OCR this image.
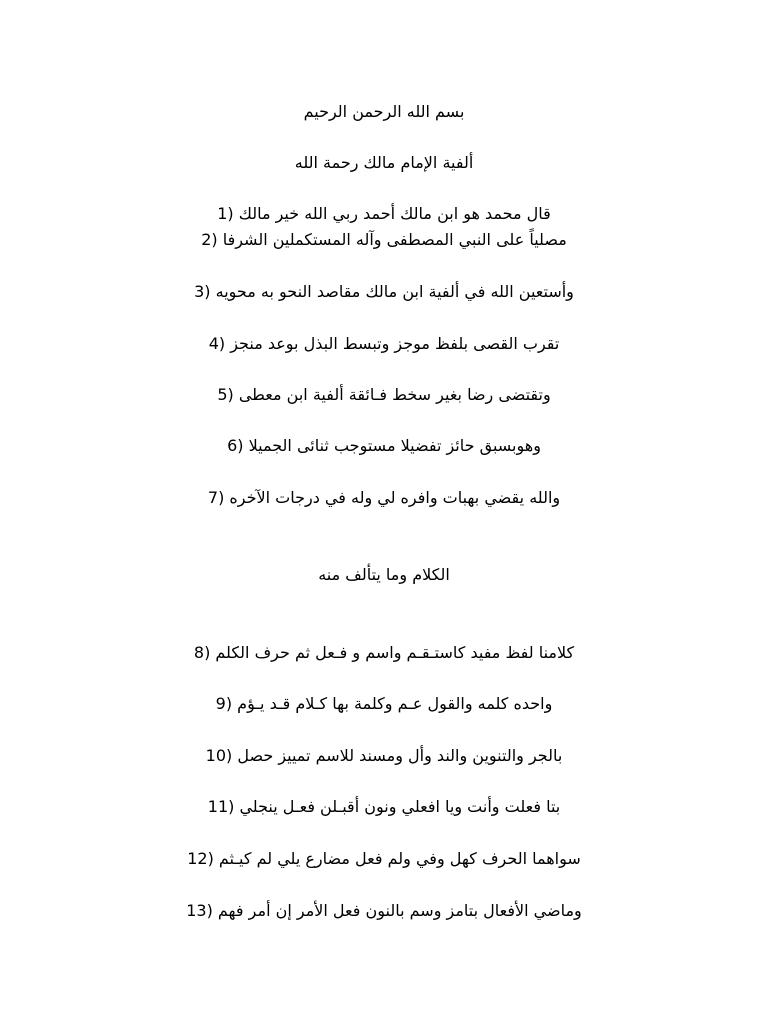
بسم الله الرحمن الرحيم
ألفية الإمام مالك رحمة الله
قال محمد هو ابن مالك أحمد ربي الله خير مالك (1
مصلياً على النبي المصطفى وآله المستكملين الشرفا (2
وأستعين الله في ألفية ابن مالك مقاصد النحو به محويه (3
تقرب القصى بلفظ موجز وتبسط البذل بوعد منجز (4
وتقتضى رضا بغير سخط فـائقة ألفية ابن معطى (5
وهوبسبق حائز تفضيلا مستوجب ثنائى الجميلا (6
والله يقضي بهبات وافره لي وله في درجات الآخره (7
الكلام وما يتألف منه
كلامنا لفظ مفيد كاستـقـم واسم و فـعل ثم حرف الكلم (8
واحده كلمه والقول عـم وكلمة بها كـلام قـد يـؤم (9
بالجر والتنوين والند وأل ومسند للاسم تمييز حصل (10
بتا فعلت وأنت ويا افعلي ونون أقبـلن فعـل ينجلي (11
سواهما الحرف كهل وفي ولم فعل مضارع يلي لم كيـثم (12
وماضي الأفعال بتامز وسم بالنون فعل الأمر إن أمر فهم (13
